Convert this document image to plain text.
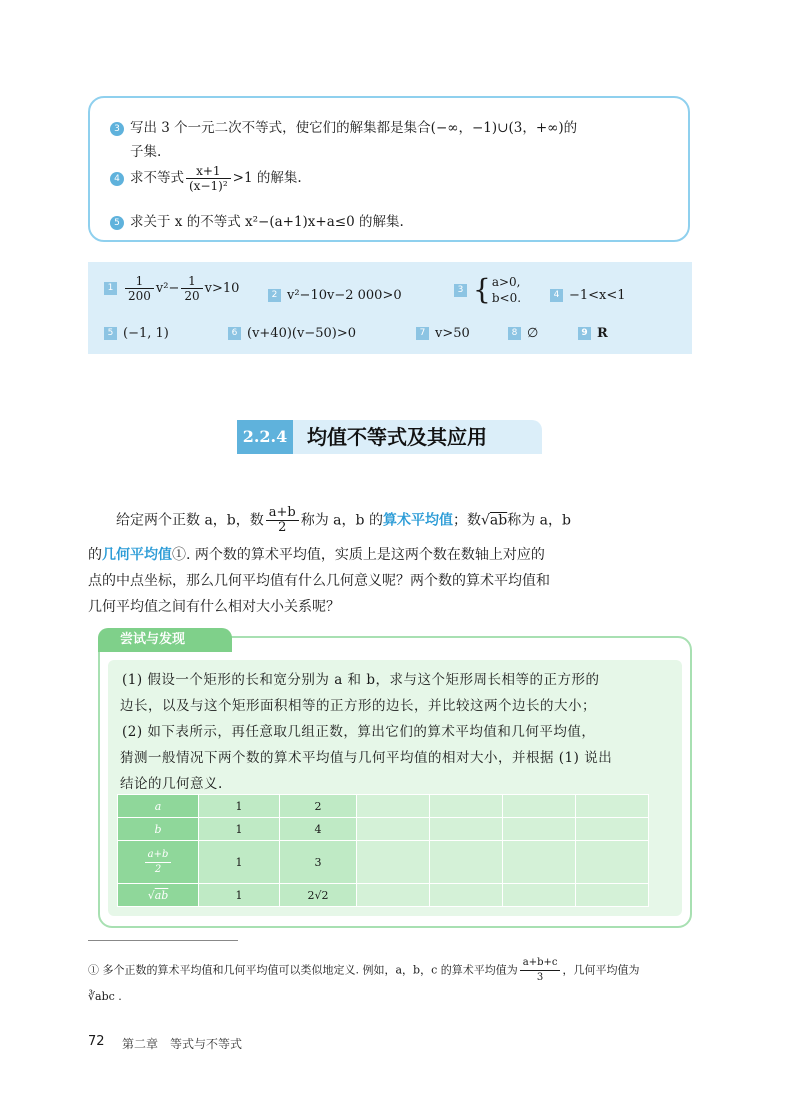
3 写出 3 个一元二次不等式，使它们的解集都是集合(−∞，−1)∪(3，+∞)的
子集.
4 求不等式 $\frac{x+1}{\text{(x−1)²}} >1$ 的解集.
5 求关于 x 的不等式 x²−(a+1)x+a≤0 的解集.
$1 \frac{1}{200} v^2- \frac{1}{20} v>10$	2 v²−10v−2 000>0	3 { a>0,
b<0.	4 −1<x<1
5 (−1, 1)	6 (v+40)(v−50)>0	7 v>50	8 ∅	9 R
2.2.4 均值不等式及其应用
给定两个正数 a，b，数 $\frac{a+b}{2}$ 称为 a，b 的算术平均值；数√ab称为 a，b
的几何平均值①. 两个数的算术平均值，实质上是这两个数在数轴上对应的
点的中点坐标，那么几何平均值有什么几何意义呢？两个数的算术平均值和
几何平均值之间有什么相对大小关系呢？
尝试与发现
(1) 假设一个矩形的长和宽分别为 a 和 b，求与这个矩形周长相等的正方形的
边长，以及与这个矩形面积相等的正方形的边长，并比较这两个边长的大小；
(2) 如下表所示，再任意取几组正数，算出它们的算术平均值和几何平均值，
猜测一般情况下两个数的算术平均值与几何平均值的相对大小，并根据 (1) 说出
结论的几何意义.
a	1	2				
b	1	4				

$\frac{a+b}{2}$	1	3				
√ab	1	2√2				
① 多个正数的算术平均值和几何平均值可以类似地定义. 例如，a，b，c 的算术平均值为 $\frac{a+b+c}{3}$ ，几何平均值为
∛abc .
72 第二章　等式与不等式
